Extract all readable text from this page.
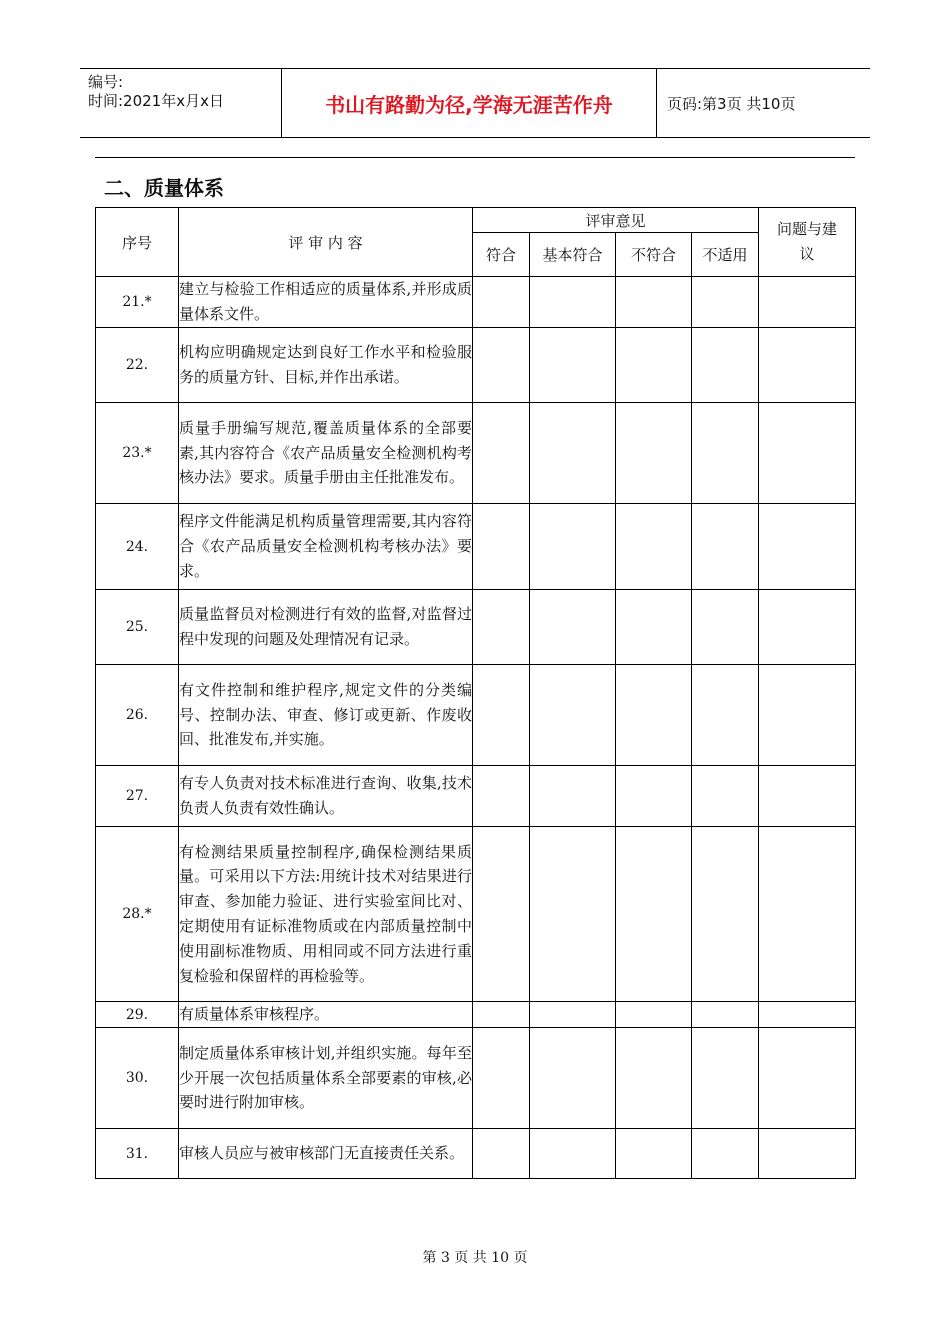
编号:
时间:2021年x月x日	书山有路勤为径,学海无涯苦作舟	页码:第3页 共10页
二、质量体系
序号	评 审 内 容	评审意见				问题与建议
		符合	基本符合	不符合	不适用	
21.*	建立与检验工作相适应的质量体系,并形成质量体系文件。					
22.	机构应明确规定达到良好工作水平和检验服务的质量方针、目标,并作出承诺。					
23.*	质量手册编写规范,覆盖质量体系的全部要素,其内容符合《农产品质量安全检测机构考核办法》要求。质量手册由主任批准发布。					
24.	程序文件能满足机构质量管理需要,其内容符合《农产品质量安全检测机构考核办法》要求。					
25.	质量监督员对检测进行有效的监督,对监督过程中发现的问题及处理情况有记录。					
26.	有文件控制和维护程序,规定文件的分类编号、控制办法、审查、修订或更新、作废收回、批准发布,并实施。					
27.	有专人负责对技术标准进行查询、收集,技术负责人负责有效性确认。					
28.*	有检测结果质量控制程序,确保检测结果质量。可采用以下方法:用统计技术对结果进行审查、参加能力验证、进行实验室间比对、定期使用有证标准物质或在内部质量控制中使用副标准物质、用相同或不同方法进行重复检验和保留样的再检验等。					
29.	有质量体系审核程序。					
30.	制定质量体系审核计划,并组织实施。每年至少开展一次包括质量体系全部要素的审核,必要时进行附加审核。					
31.	审核人员应与被审核部门无直接责任关系。					
第 3 页 共 10 页
